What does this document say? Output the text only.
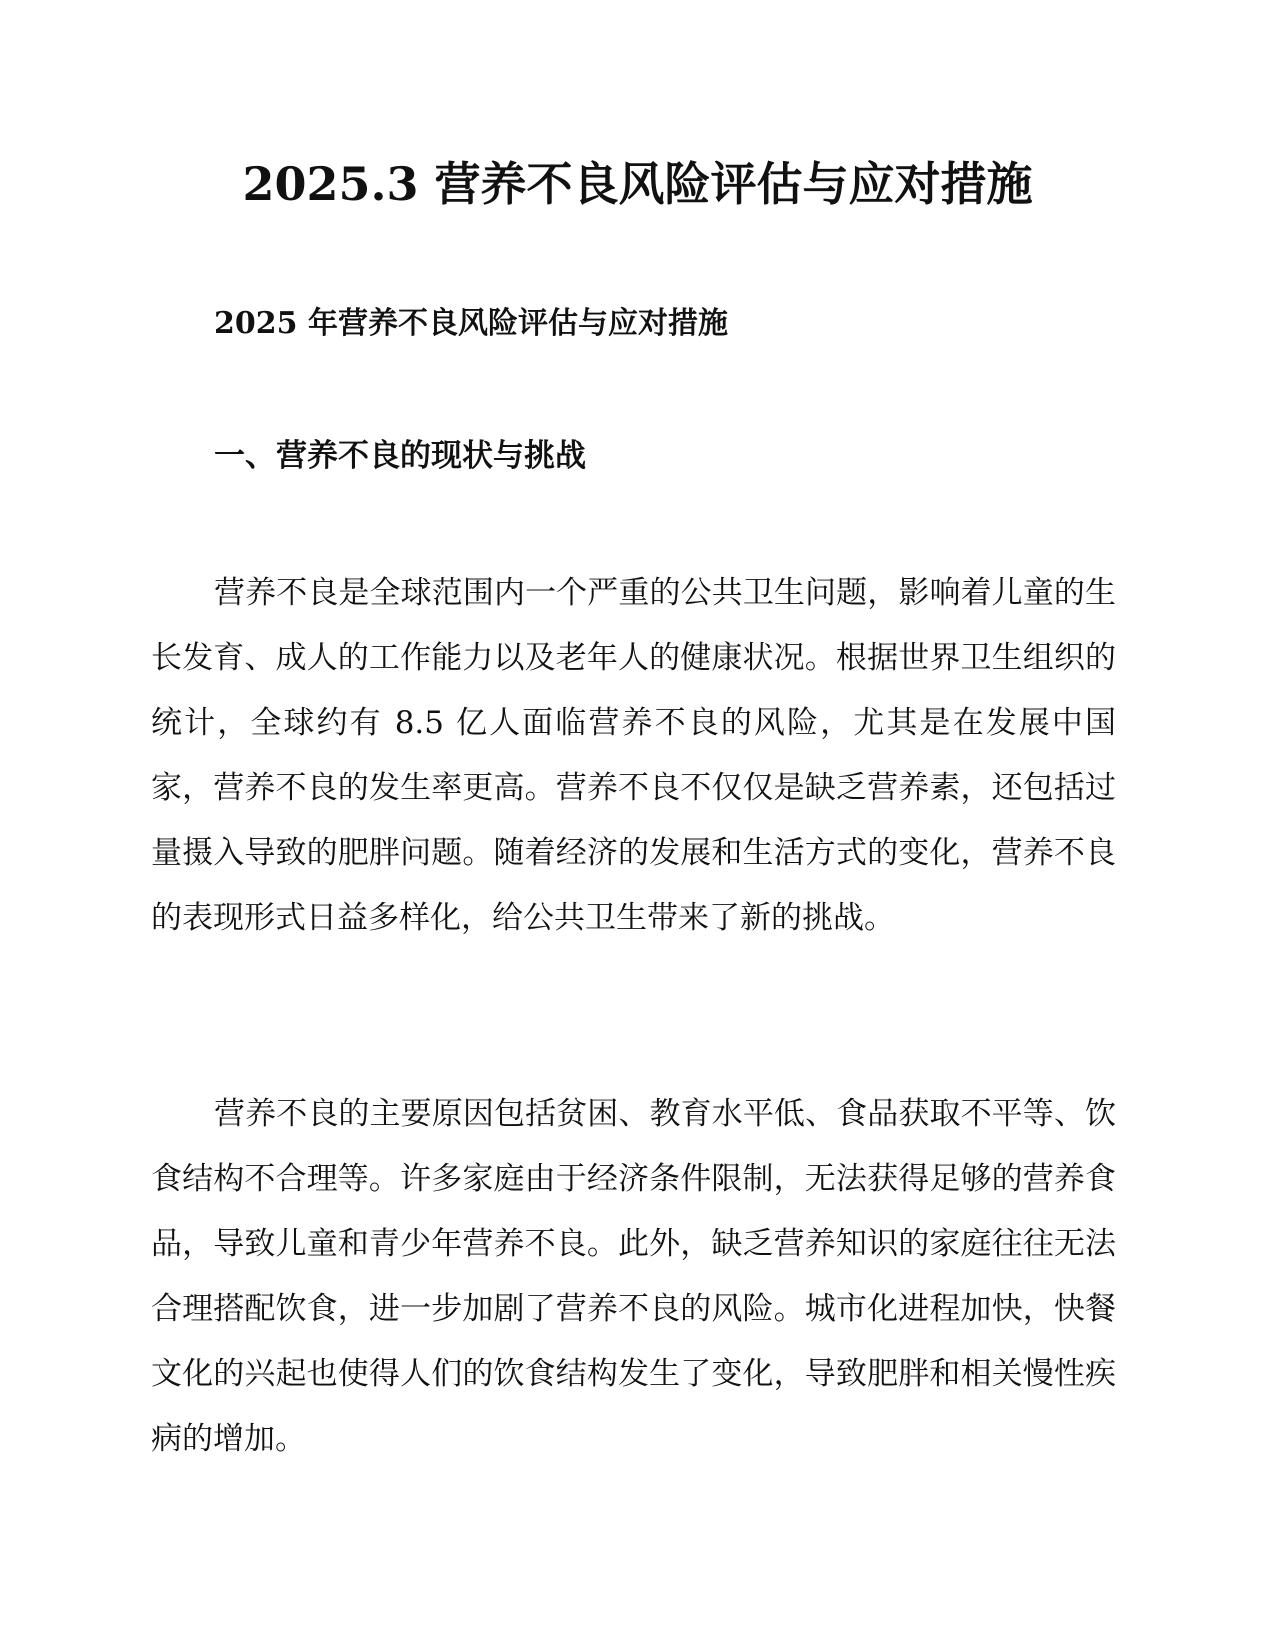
2025.3 营养不良风险评估与应对措施
2025 年营养不良风险评估与应对措施
一、营养不良的现状与挑战

营养不良是全球范围内一个严重的公共卫生问题，影响着儿童的生长发育、成人的工作能力以及老年人的健康状况。根据世界卫生组织的统计，全球约有 8.5 亿人面临营养不良的风险，尤其是在发展中国家，营养不良的发生率更高。营养不良不仅仅是缺乏营养素，还包括过量摄入导致的肥胖问题。随着经济的发展和生活方式的变化，营养不良的表现形式日益多样化，给公共卫生带来了新的挑战。

营养不良的主要原因包括贫困、教育水平低、食品获取不平等、饮食结构不合理等。许多家庭由于经济条件限制，无法获得足够的营养食品，导致儿童和青少年营养不良。此外，缺乏营养知识的家庭往往无法合理搭配饮食，进一步加剧了营养不良的风险。城市化进程加快，快餐文化的兴起也使得人们的饮食结构发生了变化，导致肥胖和相关慢性疾病的增加。
